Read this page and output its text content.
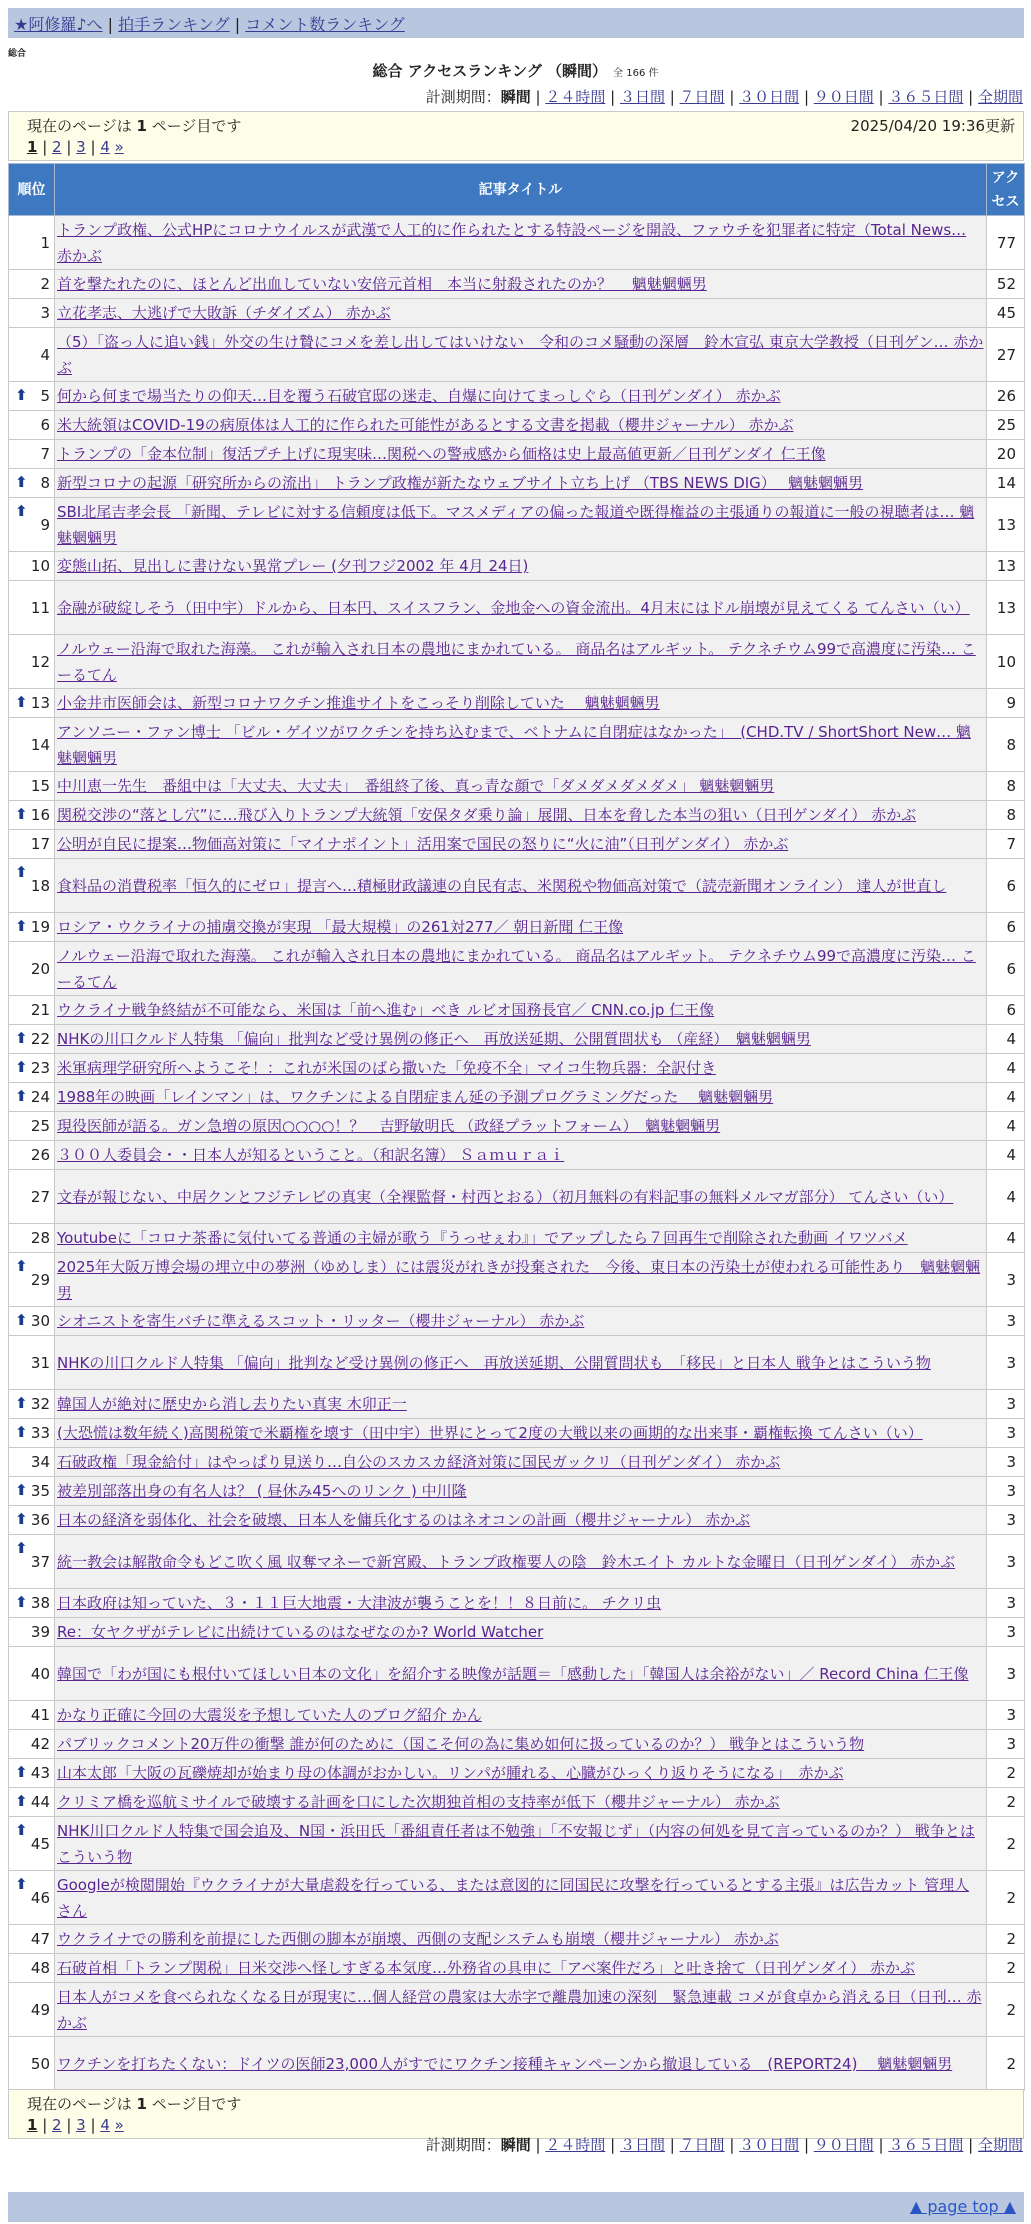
★阿修羅♪へ | 拍手ランキング | コメント数ランキング
総合
総合 アクセスランキング （瞬間） 全 166 件
計測期間：瞬間 | ２４時間 | ３日間 | ７日間 | ３０日間 | ９０日間 | ３６５日間 | 全期間
現在のページは 1 ページ目です	2025/04/20 19:36更新
1 | 2 | 3 | 4 »
順位	記事タイトル	アクセス
1	トランプ政権、公式HPにコロナウイルスが武漢で人工的に作られたとする特設ページを開設、ファウチを犯罪者に特定（Total News… 赤かぶ	77
2	首を撃たれたのに、ほとんど出血していない安倍元首相　本当に射殺されたのか？　 魑魅魍魎男	52
3	立花孝志、大逃げで大敗訴（チダイズム） 赤かぶ	45
4	（5）「盗っ人に追い銭」外交の生け贄にコメを差し出してはいけない　令和のコメ騒動の深層　鈴木宣弘 東京大学教授（日刊ゲン… 赤かぶ	27

⬆ 5	何から何まで場当たりの仰天…目を覆う石破官邸の迷走、自爆に向けてまっしぐら（日刊ゲンダイ） 赤かぶ	26
6	米大統領はCOVID-19の病原体は人工的に作られた可能性があるとする文書を掲載（櫻井ジャーナル） 赤かぶ	25
7	トランプの「金本位制」復活プチ上げに現実味…関税への警戒感から価格は史上最高値更新／日刊ゲンダイ 仁王像	20

⬆ 8	新型コロナの起源「研究所からの流出」 トランプ政権が新たなウェブサイト立ち上げ （TBS NEWS DIG）　 魑魅魍魎男	14

⬆
9	SBI北尾吉孝会長 「新聞、テレビに対する信頼度は低下。マスメディアの偏った報道や既得権益の主張通りの報道に一般の視聴者は… 魑魅魍魎男	13
10	変態山拓、見出しに書けない異常プレー (夕刊フジ2002 年 4月 24日)	13
11	金融が破綻しそう（田中宇）ドルから、日本円、スイスフラン、金地金への資金流出。4月末にはドル崩壊が見えてくる てんさい（い）	13
12	ノルウェー沿海で取れた海藻。 これが輸入され日本の農地にまかれている。 商品名はアルギット。 テクネチウム99で高濃度に汚染… こーるてん	10

⬆ 13	小金井市医師会は、新型コロナワクチン推進サイトをこっそり削除していた　 魑魅魍魎男	9
14	アンソニー・ファン博士 「ビル・ゲイツがワクチンを持ち込むまで、ベトナムに自閉症はなかった」　(CHD.TV / ShortShort New… 魑魅魍魎男	8
15	中川恵一先生　番組中は「大丈夫、大丈夫」　番組終了後、真っ青な顔で「ダメダメダメダメ」 魑魅魍魎男	8

⬆ 16	関税交渉の“落とし穴”に…飛び入りトランプ大統領「安保タダ乗り論」展開、日本を脅した本当の狙い（日刊ゲンダイ） 赤かぶ	8
17	公明が自民に提案…物価高対策に「マイナポイント」活用案で国民の怒りに“火に油”（日刊ゲンダイ） 赤かぶ	7

⬆
18	食料品の消費税率「恒久的にゼロ」提言へ…積極財政議連の自民有志、米関税や物価高対策で（読売新聞オンライン） 達人が世直し	6

⬆ 19	ロシア・ウクライナの捕虜交換が実現 「最大規模」の261対277／ 朝日新聞 仁王像	6
20	ノルウェー沿海で取れた海藻。 これが輸入され日本の農地にまかれている。 商品名はアルギット。 テクネチウム99で高濃度に汚染… こーるてん	6
21	ウクライナ戦争終結が不可能なら、米国は「前へ進む」べき ルビオ国務長官／ CNN.co.jp 仁王像	6

⬆ 22	NHKの川口クルド人特集 「偏向」批判など受け異例の修正へ　再放送延期、公開質問状も （産経）　魑魅魍魎男	4

⬆ 23	米軍病理学研究所へようこそ！：これが米国のばら撒いた「免疫不全」マイコ生物兵器：全訳付き	4

⬆ 24	1988年の映画「レインマン」は、ワクチンによる自閉症まん延の予測プログラミングだった　 魑魅魍魎男	4
25	現役医師が語る。ガン急増の原因○○○○！？　吉野敏明氏 （政経プラットフォーム）　魑魅魍魎男	4
26	３００人委員会・・日本人が知るということ。（和訳名簿） Ｓａｍｕｒａｉ	4
27	文春が報じない、中居クンとフジテレビの真実（全裸監督・村西とおる）（初月無料の有料記事の無料メルマガ部分） てんさい（い）	4
28	Youtubeに「コロナ茶番に気付いてる普通の主婦が歌う『うっせぇわ』」でアップしたら７回再生で削除された動画 イワツバメ	4

⬆
29	2025年大阪万博会場の埋立中の夢洲（ゆめしま）には震災がれきが投棄された　今後、東日本の汚染土が使われる可能性あり　魑魅魍魎男	3

⬆ 30	シオニストを寄生バチに準えるスコット・リッター（櫻井ジャーナル） 赤かぶ	3
31	NHKの川口クルド人特集 「偏向」批判など受け異例の修正へ　再放送延期、公開質問状も　「移民」と日本人 戦争とはこういう物	3

⬆ 32	韓国人が絶対に歴史から消し去りたい真実 木卯正一	3

⬆ 33	(大恐慌は数年続く)高関税策で米覇権を壊す（田中宇）世界にとって2度の大戦以来の画期的な出来事・覇権転換 てんさい（い）	3
34	石破政権「現金給付」はやっぱり見送り…自公のスカスカ経済対策に国民ガックリ（日刊ゲンダイ） 赤かぶ	3

⬆ 35	被差別部落出身の有名人は？ ( 昼休み45へのリンク ) 中川隆	3

⬆ 36	日本の経済を弱体化、社会を破壊、日本人を傭兵化するのはネオコンの計画（櫻井ジャーナル） 赤かぶ	3

⬆
37	統一教会は解散命令もどこ吹く風 収奪マネーで新宮殿、トランプ政権要人の陰　鈴木エイト カルトな金曜日（日刊ゲンダイ） 赤かぶ	3

⬆ 38	日本政府は知っていた、３・１１巨大地震・大津波が襲うことを！！８日前に。 チクリ虫	3
39	Re：女ヤクザがテレビに出続けているのはなぜなのか? World Watcher	3
40	韓国で「わが国にも根付いてほしい日本の文化」を紹介する映像が話題＝「感動した」「韓国人は余裕がない」／ Record China 仁王像	3
41	かなり正確に今回の大震災を予想していた人のブログ紹介 かん	3
42	パブリックコメント20万件の衝撃 誰が何のために（国こそ何の為に集め如何に扱っているのか？） 戦争とはこういう物	3

⬆ 43	山本太郎「大阪の瓦礫焼却が始まり母の体調がおかしい。リンパが腫れる、心臓がひっくり返りそうになる」　赤かぶ	2

⬆ 44	クリミア橋を巡航ミサイルで破壊する計画を口にした次期独首相の支持率が低下（櫻井ジャーナル） 赤かぶ	2

⬆
45	NHK川口クルド人特集で国会追及、N国・浜田氏「番組責任者は不勉強」「不安報じず」（内容の何処を見て言っているのか？） 戦争とはこういう物	2

⬆
46	Googleが検閲開始『ウクライナが大量虐殺を行っている、または意図的に同国民に攻撃を行っているとする主張』は広告カット 管理人さん	2
47	ウクライナでの勝利を前提にした西側の脚本が崩壊、西側の支配システムも崩壊（櫻井ジャーナル） 赤かぶ	2
48	石破首相「トランプ関税」日米交渉へ怪しすぎる本気度…外務省の具申に「アベ案件だろ」と吐き捨て（日刊ゲンダイ） 赤かぶ	2
49	日本人がコメを食べられなくなる日が現実に…個人経営の農家は大赤字で離農加速の深刻　緊急連載 コメが食卓から消える日（日刊… 赤かぶ	2
50	ワクチンを打ちたくない：ドイツの医師23,000人がすでにワクチン接種キャンペーンから撤退している　(REPORT24)　 魑魅魍魎男	2
現在のページは 1 ページ目です
1 | 2 | 3 | 4 »
計測期間：瞬間 | ２４時間 | ３日間 | ７日間 | ３０日間 | ９０日間 | ３６５日間 | 全期間
▲ page top ▲
